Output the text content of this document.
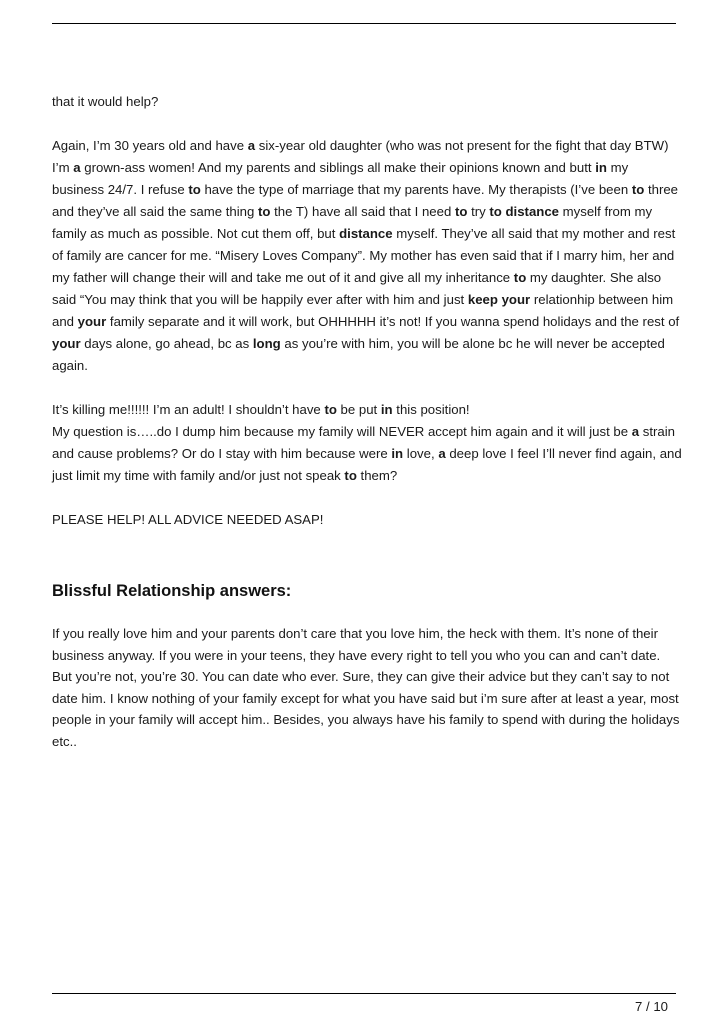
that it would help?

Again, I’m 30 years old and have a six-year old daughter (who was not present for the fight that day BTW) I’m a grown-ass women! And my parents and siblings all make their opinions known and butt in my business 24/7. I refuse to have the type of marriage that my parents have. My therapists (I’ve been to three and they’ve all said the same thing to the T) have all said that I need to try to distance myself from my family as much as possible. Not cut them off, but distance myself. They’ve all said that my mother and rest of family are cancer for me. “Misery Loves Company”. My mother has even said that if I marry him, her and my father will change their will and take me out of it and give all my inheritance to my daughter. She also said “You may think that you will be happily ever after with him and just keep your relationhip between him and your family separate and it will work, but OHHHHH it’s not! If you wanna spend holidays and the rest of your days alone, go ahead, bc as long as you’re with him, you will be alone bc he will never be accepted again.

It’s killing me!!!!!! I’m an adult! I shouldn’t have to be put in this position!
My question is…..do I dump him because my family will NEVER accept him again and it will just be a strain and cause problems? Or do I stay with him because were in love, a deep love I feel I’ll never find again, and just limit my time with family and/or just not speak to them?

PLEASE HELP! ALL ADVICE NEEDED ASAP!

Blissful Relationship answers:

If you really love him and your parents don’t care that you love him, the heck with them. It’s none of their business anyway. If you were in your teens, they have every right to tell you who you can and can’t date. But you’re not, you’re 30. You can date who ever. Sure, they can give their advice but they can’t say to not date him. I know nothing of your family except for what you have said but i’m sure after at least a year, most people in your family will accept him.. Besides, you always have his family to spend with during the holidays etc..

7 / 10
